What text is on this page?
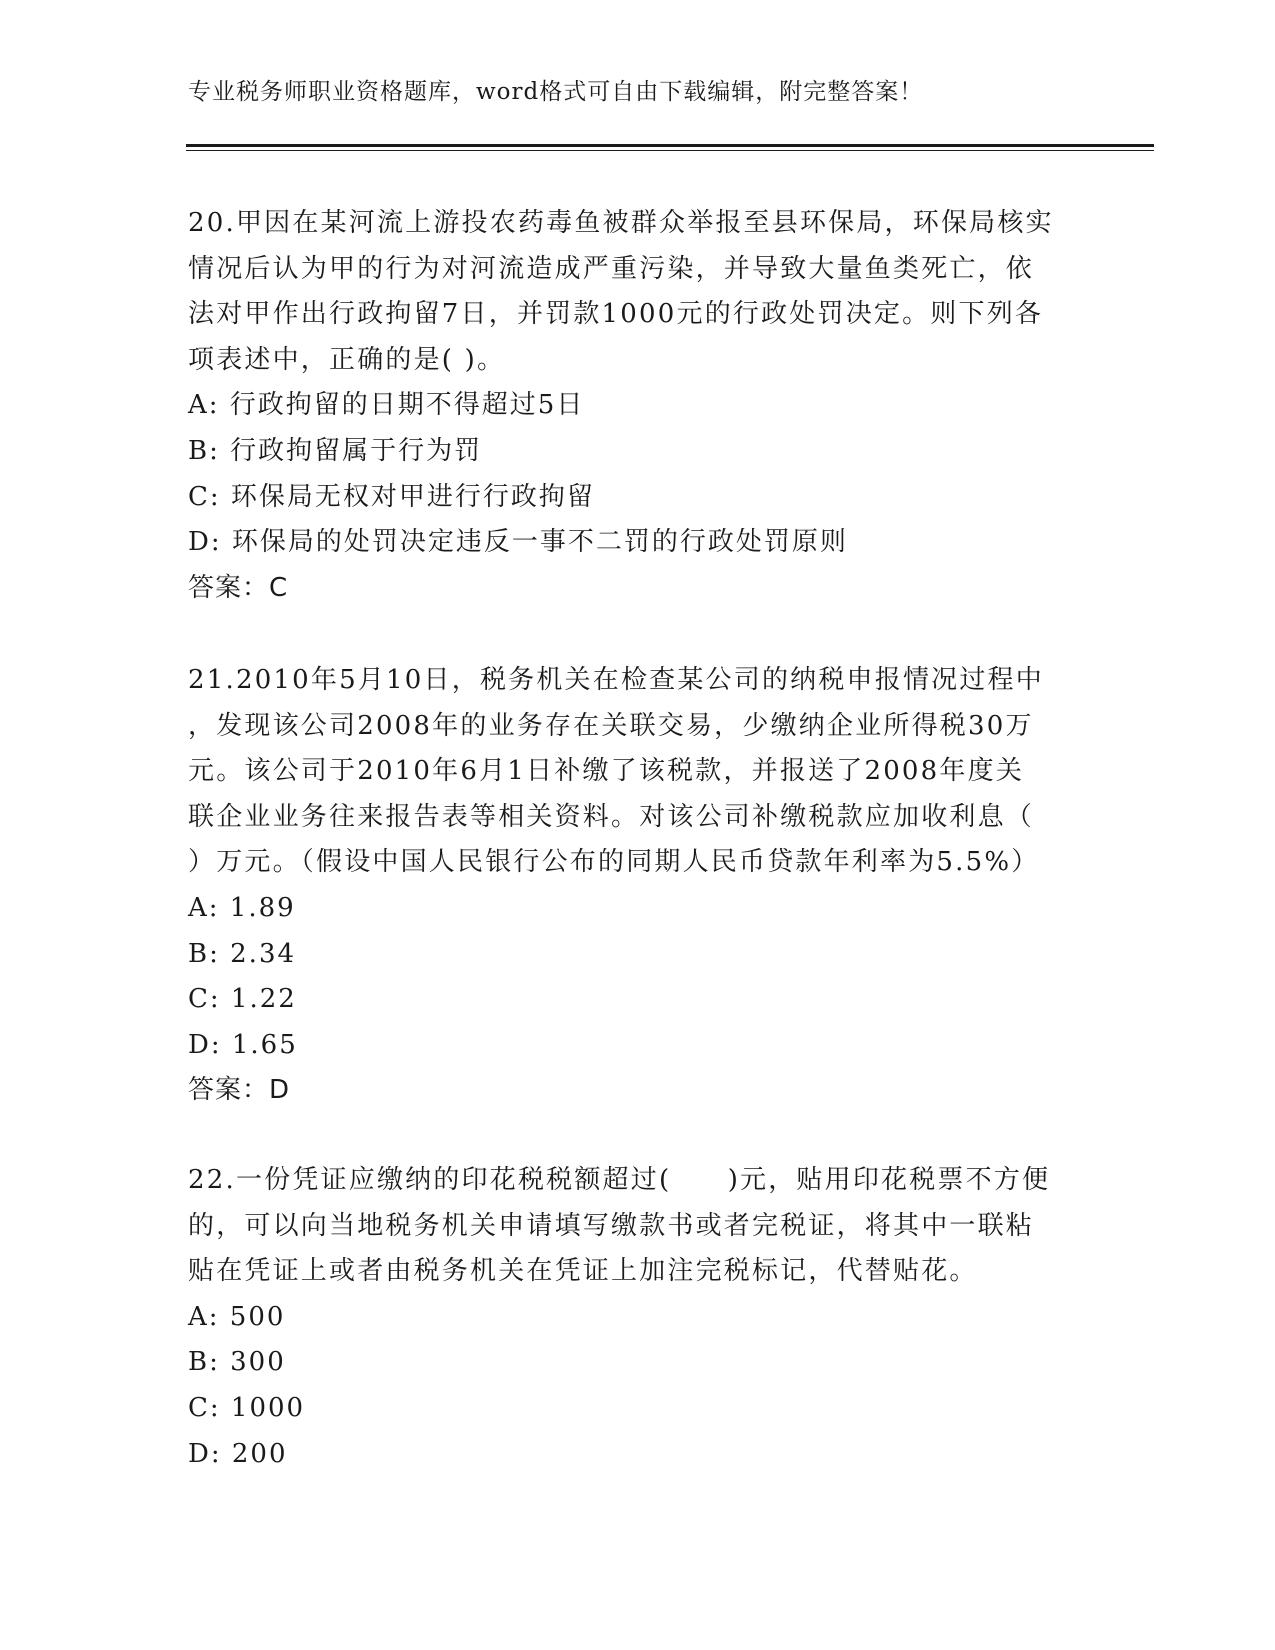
专业税务师职业资格题库，word格式可自由下载编辑，附完整答案！

20.甲因在某河流上游投农药毒鱼被群众举报至县环保局，环保局核实

情况后认为甲的行为对河流造成严重污染，并导致大量鱼类死亡，依

法对甲作出行政拘留7日，并罚款1000元的行政处罚决定。则下列各

项表述中，正确的是( )。

A: 行政拘留的日期不得超过5日

B: 行政拘留属于行为罚

C: 环保局无权对甲进行行政拘留

D: 环保局的处罚决定违反一事不二罚的行政处罚原则

答案：C

21.2010年5月10日，税务机关在检查某公司的纳税申报情况过程中

，发现该公司2008年的业务存在关联交易，少缴纳企业所得税30万

元。该公司于2010年6月1日补缴了该税款，并报送了2008年度关

联企业业务往来报告表等相关资料。对该公司补缴税款应加收利息（

）万元。（假设中国人民银行公布的同期人民币贷款年利率为5.5%）

A: 1.89

B: 2.34

C: 1.22

D: 1.65

答案：D

22.一份凭证应缴纳的印花税税额超过(　　)元，贴用印花税票不方便

的，可以向当地税务机关申请填写缴款书或者完税证，将其中一联粘

贴在凭证上或者由税务机关在凭证上加注完税标记，代替贴花。

A: 500

B: 300

C: 1000

D: 200
